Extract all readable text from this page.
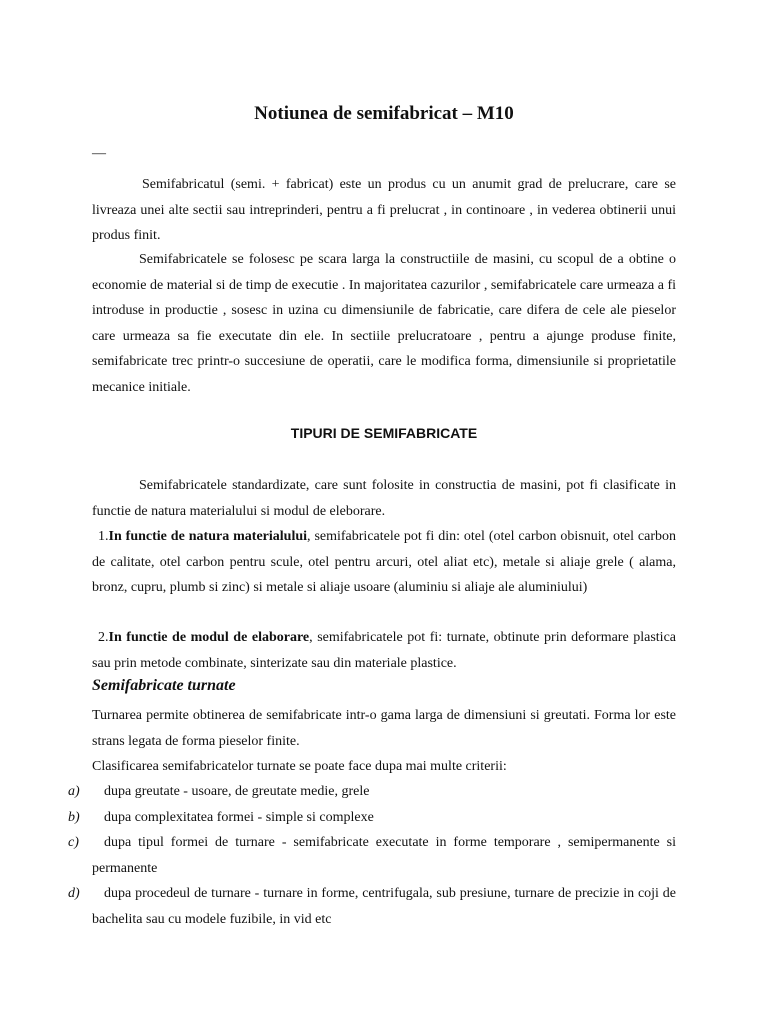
Notiunea de semifabricat – M10
—
Semifabricatul (semi. + fabricat) este un produs cu un anumit grad de prelucrare, care se livreaza unei alte sectii sau intreprinderi, pentru a fi prelucrat , in continoare , in vederea obtinerii unui produs finit.
Semifabricatele se folosesc pe scara larga la constructiile de masini, cu scopul de a obtine o economie de material si de timp de executie . In majoritatea cazurilor , semifabricatele care urmeaza a fi introduse in productie , sosesc in uzina cu dimensiunile de fabricatie, care difera de cele ale pieselor care urmeaza sa fie executate din ele. In sectiile prelucratoare , pentru a ajunge produse finite, semifabricate trec printr-o succesiune de operatii, care le modifica forma, dimensiunile si proprietatile mecanice initiale.
TIPURI DE SEMIFABRICATE
Semifabricatele standardizate, care sunt folosite in constructia de masini, pot fi clasificate in functie de natura materialului si modul de eleborare.
1.In functie de natura materialului, semifabricatele pot fi din: otel (otel carbon obisnuit, otel carbon de calitate, otel carbon pentru scule, otel pentru arcuri, otel aliat etc), metale si aliaje grele ( alama, bronz, cupru, plumb si zinc) si metale si aliaje usoare (aluminiu si aliaje ale aluminiului)
2.In functie de modul de elaborare, semifabricatele pot fi: turnate, obtinute prin deformare plastica sau prin metode combinate, sinterizate sau din materiale plastice.
Semifabricate turnate
Turnarea permite obtinerea de semifabricate intr-o gama larga de dimensiuni si greutati. Forma lor este strans legata de forma pieselor finite.
Clasificarea semifabricatelor turnate se poate face dupa mai multe criterii:
a)	dupa greutate - usoare, de greutate medie, grele
b)	dupa complexitatea formei - simple si complexe
c)	dupa tipul formei de turnare - semifabricate executate in forme temporare , semipermanente si permanente
d)	dupa procedeul de turnare - turnare in forme, centrifugala, sub presiune, turnare de precizie in coji de bachelita sau cu modele fuzibile, in vid etc
